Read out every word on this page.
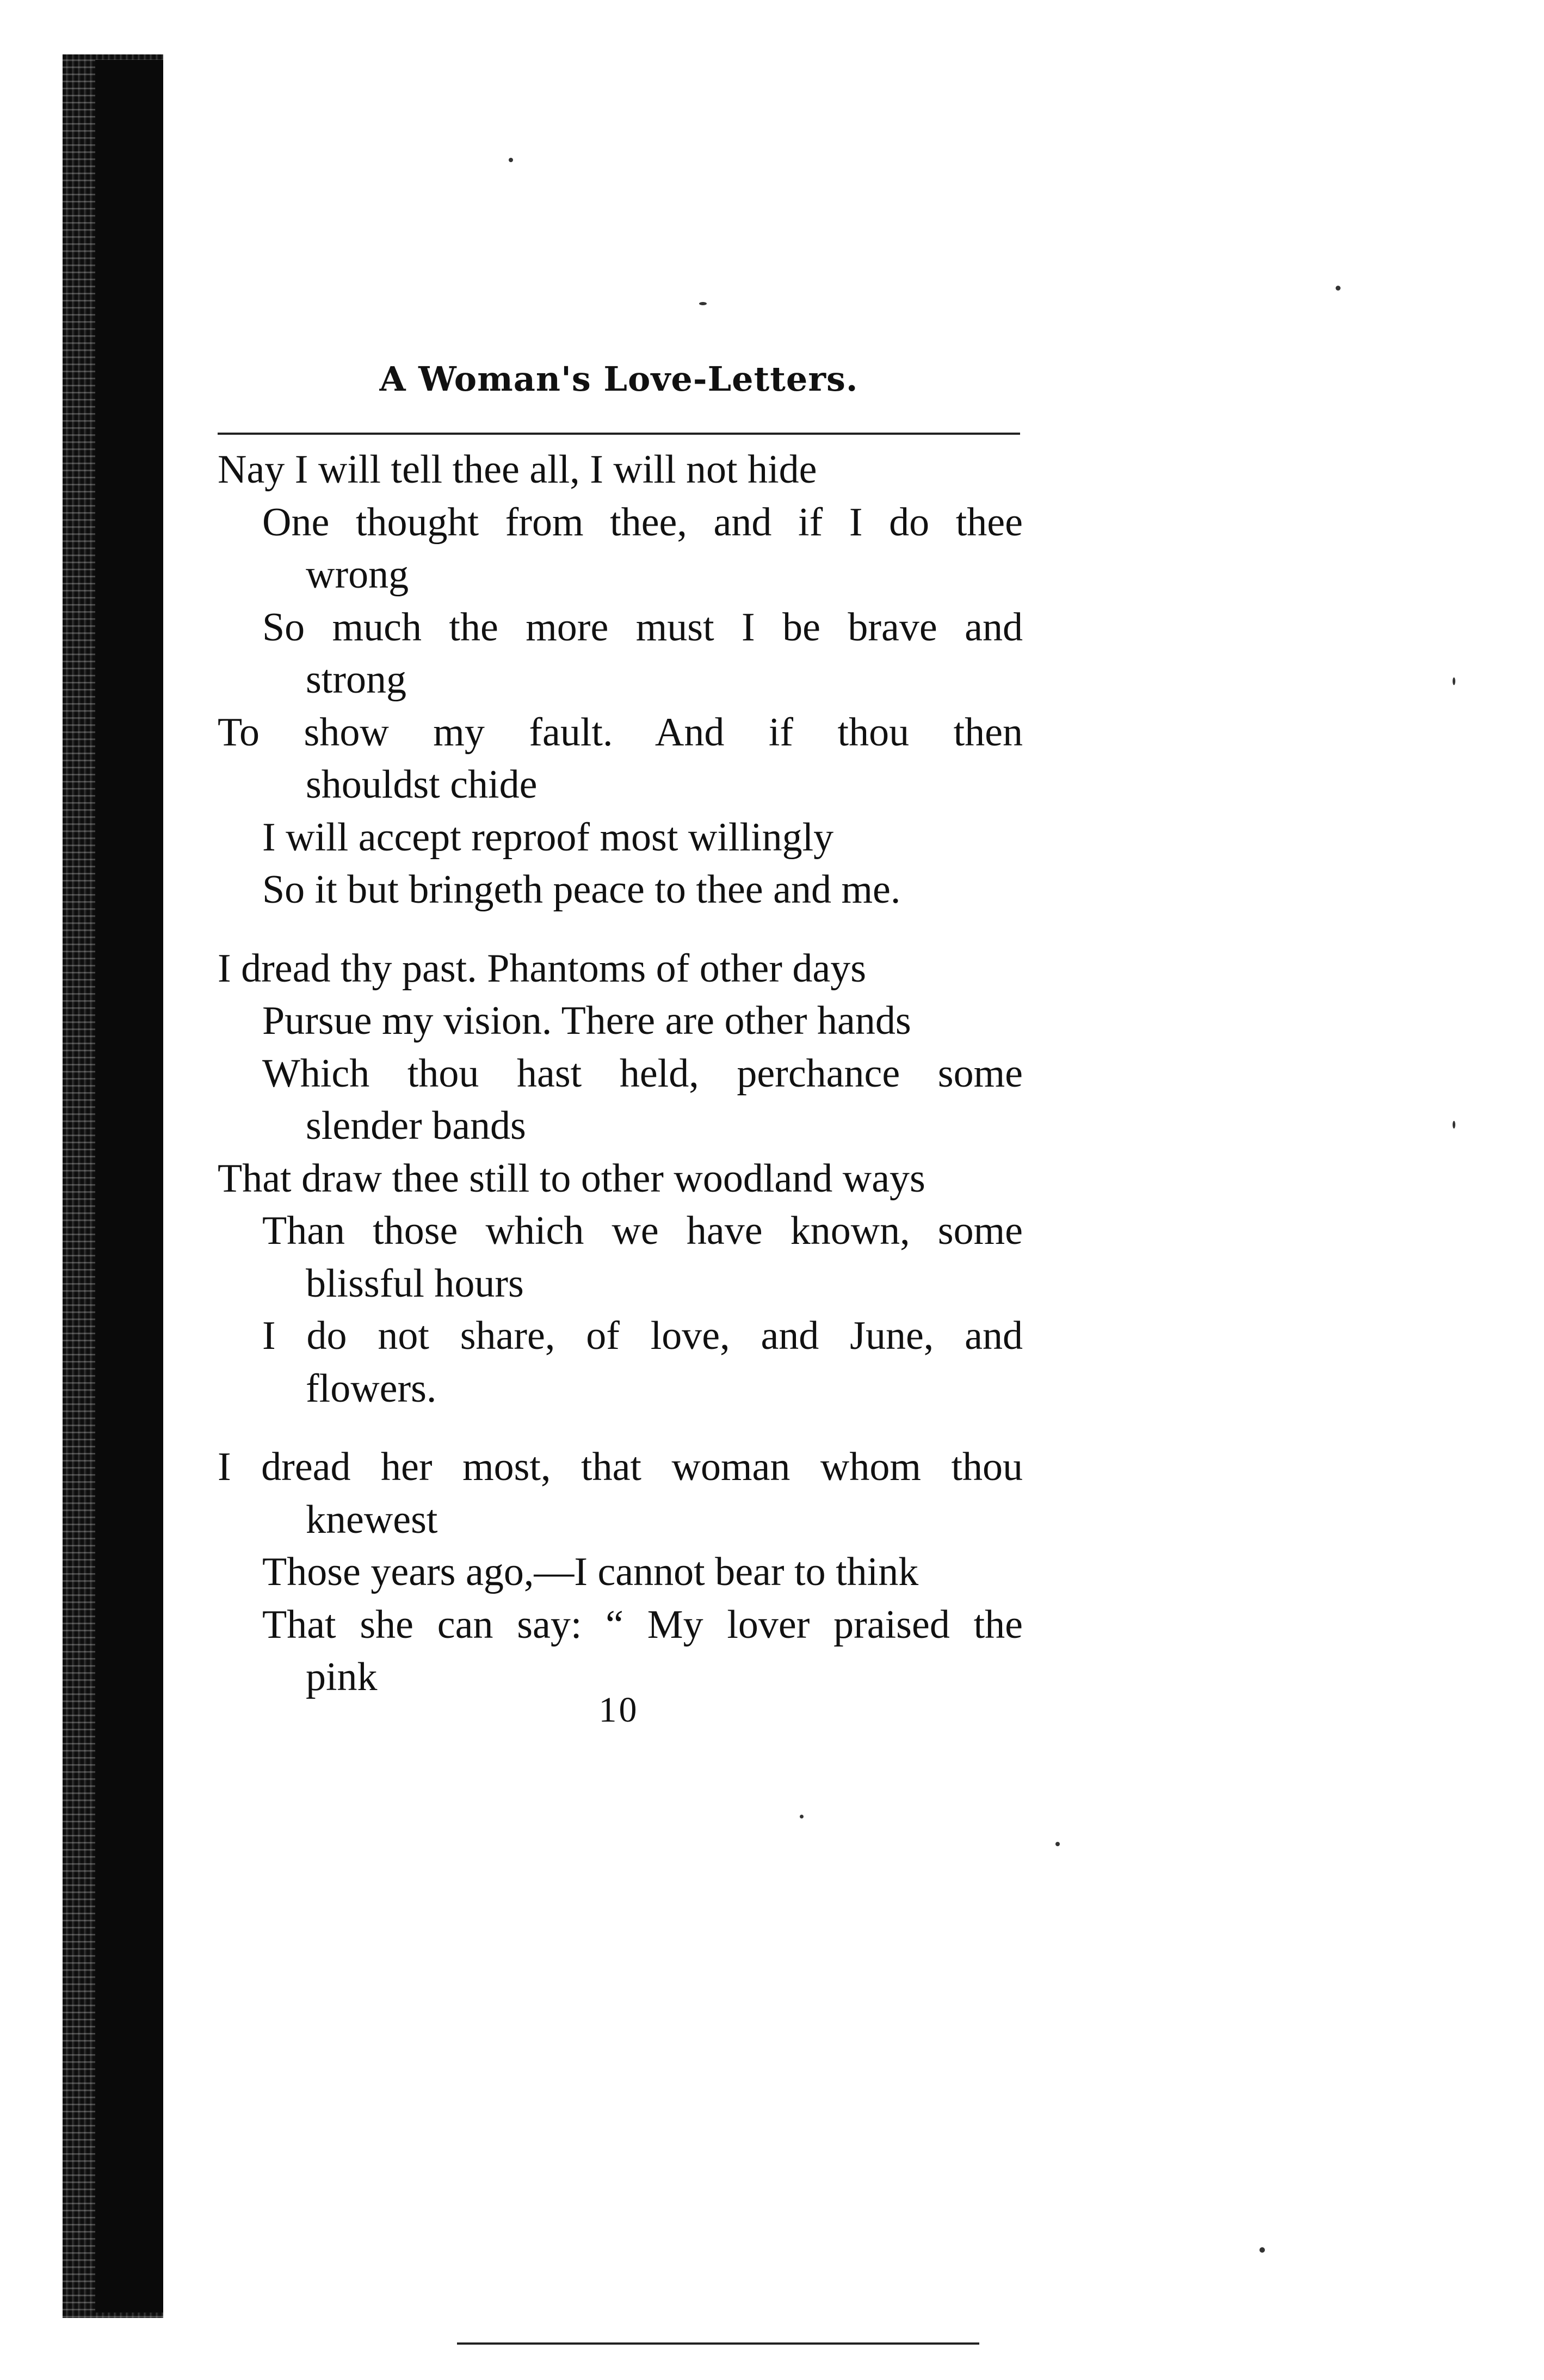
A Woman's Love-Letters.
Nay I will tell thee all, I will not hide
One thought from thee, and if I do thee
wrong
So much the more must I be brave and
strong
To show my fault. And if thou then
shouldst chide
I will accept reproof most willingly
So it but bringeth peace to thee and me.
I dread thy past. Phantoms of other days
Pursue my vision. There are other hands
Which thou hast held, perchance some
slender bands
That draw thee still to other woodland ways
Than those which we have known, some
blissful hours
I do not share, of love, and June, and
flowers.
I dread her most, that woman whom thou
knewest
Those years ago,—I cannot bear to think
That she can say: “ My lover praised the
pink
10
